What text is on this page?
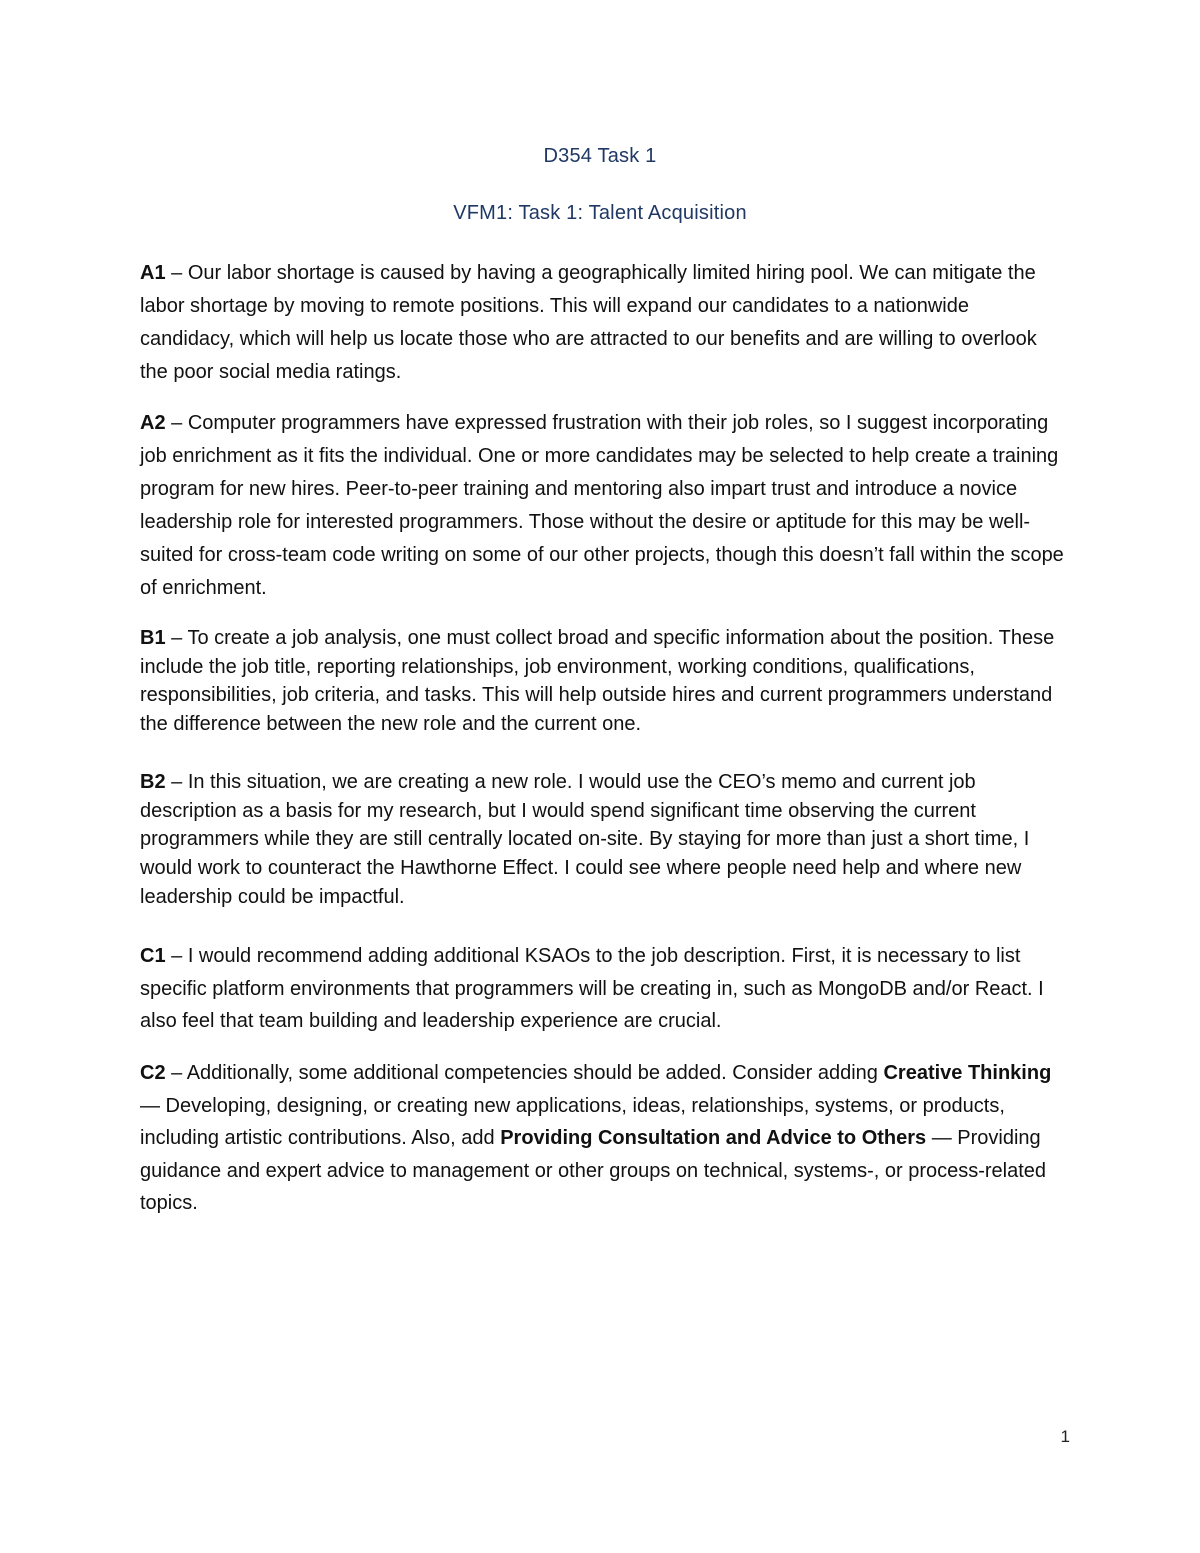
D354 Task 1
VFM1: Task 1: Talent Acquisition

A1 – Our labor shortage is caused by having a geographically limited hiring pool. We can mitigate the labor shortage by moving to remote positions. This will expand our candidates to a nationwide candidacy, which will help us locate those who are attracted to our benefits and are willing to overlook the poor social media ratings.

A2 – Computer programmers have expressed frustration with their job roles, so I suggest incorporating job enrichment as it fits the individual. One or more candidates may be selected to help create a training program for new hires. Peer-to-peer training and mentoring also impart trust and introduce a novice leadership role for interested programmers. Those without the desire or aptitude for this may be well-suited for cross-team code writing on some of our other projects, though this doesn’t fall within the scope of enrichment.

B1 – To create a job analysis, one must collect broad and specific information about the position. These include the job title, reporting relationships, job environment, working conditions, qualifications, responsibilities, job criteria, and tasks. This will help outside hires and current programmers understand the difference between the new role and the current one.

B2 – In this situation, we are creating a new role. I would use the CEO’s memo and current job description as a basis for my research, but I would spend significant time observing the current programmers while they are still centrally located on-site. By staying for more than just a short time, I would work to counteract the Hawthorne Effect. I could see where people need help and where new leadership could be impactful.

C1 – I would recommend adding additional KSAOs to the job description. First, it is necessary to list specific platform environments that programmers will be creating in, such as MongoDB and/or React. I also feel that team building and leadership experience are crucial.

C2 – Additionally, some additional competencies should be added. Consider adding Creative Thinking— Developing, designing, or creating new applications, ideas, relationships, systems, or products, including artistic contributions. Also, add Providing Consultation and Advice to Others — Providing guidance and expert advice to management or other groups on technical, systems-, or process-related topics.

1
